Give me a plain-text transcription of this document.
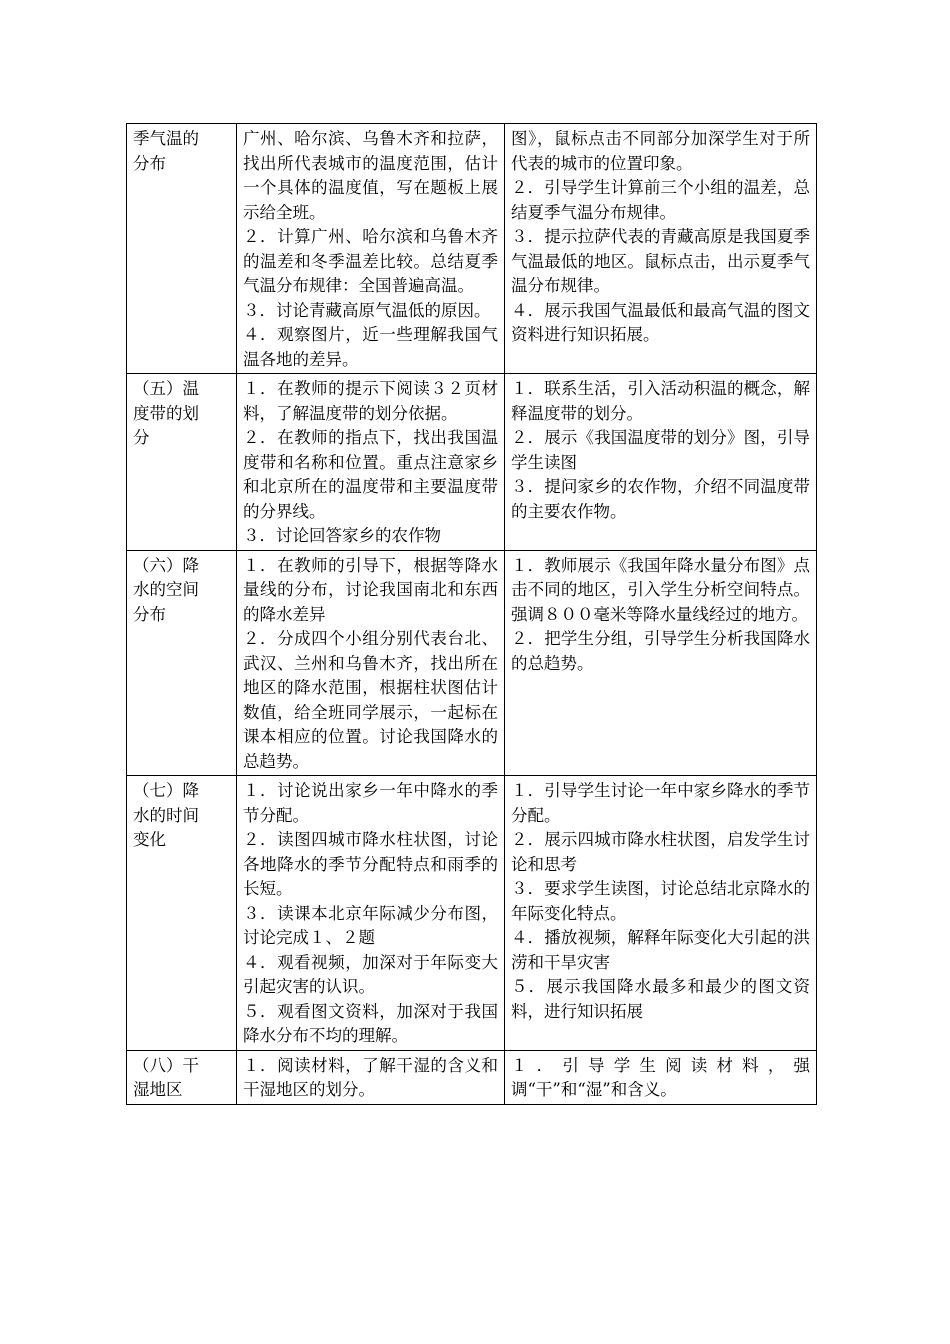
季气温的
分布	广州、哈尔滨、乌鲁木齐和拉萨，找出所代表城市的温度范围，估计一个具体的温度值，写在题板上展示给全班。
２．计算广州、哈尔滨和乌鲁木齐的温差和冬季温差比较。总结夏季气温分布规律：全国普遍高温。
３．讨论青藏高原气温低的原因。
４．观察图片，近一些理解我国气温各地的差异。	图》，鼠标点击不同部分加深学生对于所代表的城市的位置印象。
２．引导学生计算前三个小组的温差，总结夏季气温分布规律。
３．提示拉萨代表的青藏高原是我国夏季气温最低的地区。鼠标点击，出示夏季气温分布规律。
４．展示我国气温最低和最高气温的图文资料进行知识拓展。

（五）温
度带的划
分	１．在教师的提示下阅读３２页材料，了解温度带的划分依据。
２．在教师的指点下，找出我国温度带和名称和位置。重点注意家乡和北京所在的温度带和主要温度带的分界线。
３．讨论回答家乡的农作物	１．联系生活，引入活动积温的概念，解释温度带的划分。
２．展示《我国温度带的划分》图，引导学生读图
３．提问家乡的农作物，介绍不同温度带的主要农作物。

（六）降
水的空间
分布	１．在教师的引导下，根据等降水量线的分布，讨论我国南北和东西的降水差异
２．分成四个小组分别代表台北、武汉、兰州和乌鲁木齐，找出所在地区的降水范围，根据柱状图估计数值，给全班同学展示，一起标在课本相应的位置。讨论我国降水的总趋势。	１．教师展示《我国年降水量分布图》点击不同的地区，引入学生分析空间特点。强调８００毫米等降水量线经过的地方。
２．把学生分组，引导学生分析我国降水的总趋势。

（七）降
水的时间
变化	１．讨论说出家乡一年中降水的季节分配。
２．读图四城市降水柱状图，讨论各地降水的季节分配特点和雨季的长短。
３．读课本北京年际减少分布图，讨论完成１、２题
４．观看视频，加深对于年际变大引起灾害的认识。
５．观看图文资料，加深对于我国降水分布不均的理解。	１．引导学生讨论一年中家乡降水的季节分配。
２．展示四城市降水柱状图，启发学生讨论和思考
３．要求学生读图，讨论总结北京降水的年际变化特点。
４．播放视频，解释年际变化大引起的洪涝和干旱灾害
５．展示我国降水最多和最少的图文资料，进行知识拓展

（八）干
湿地区	１．阅读材料，了解干湿的含义和干湿地区的划分。	１．引导学生阅读材料，强调“干”和“湿”和含义。
